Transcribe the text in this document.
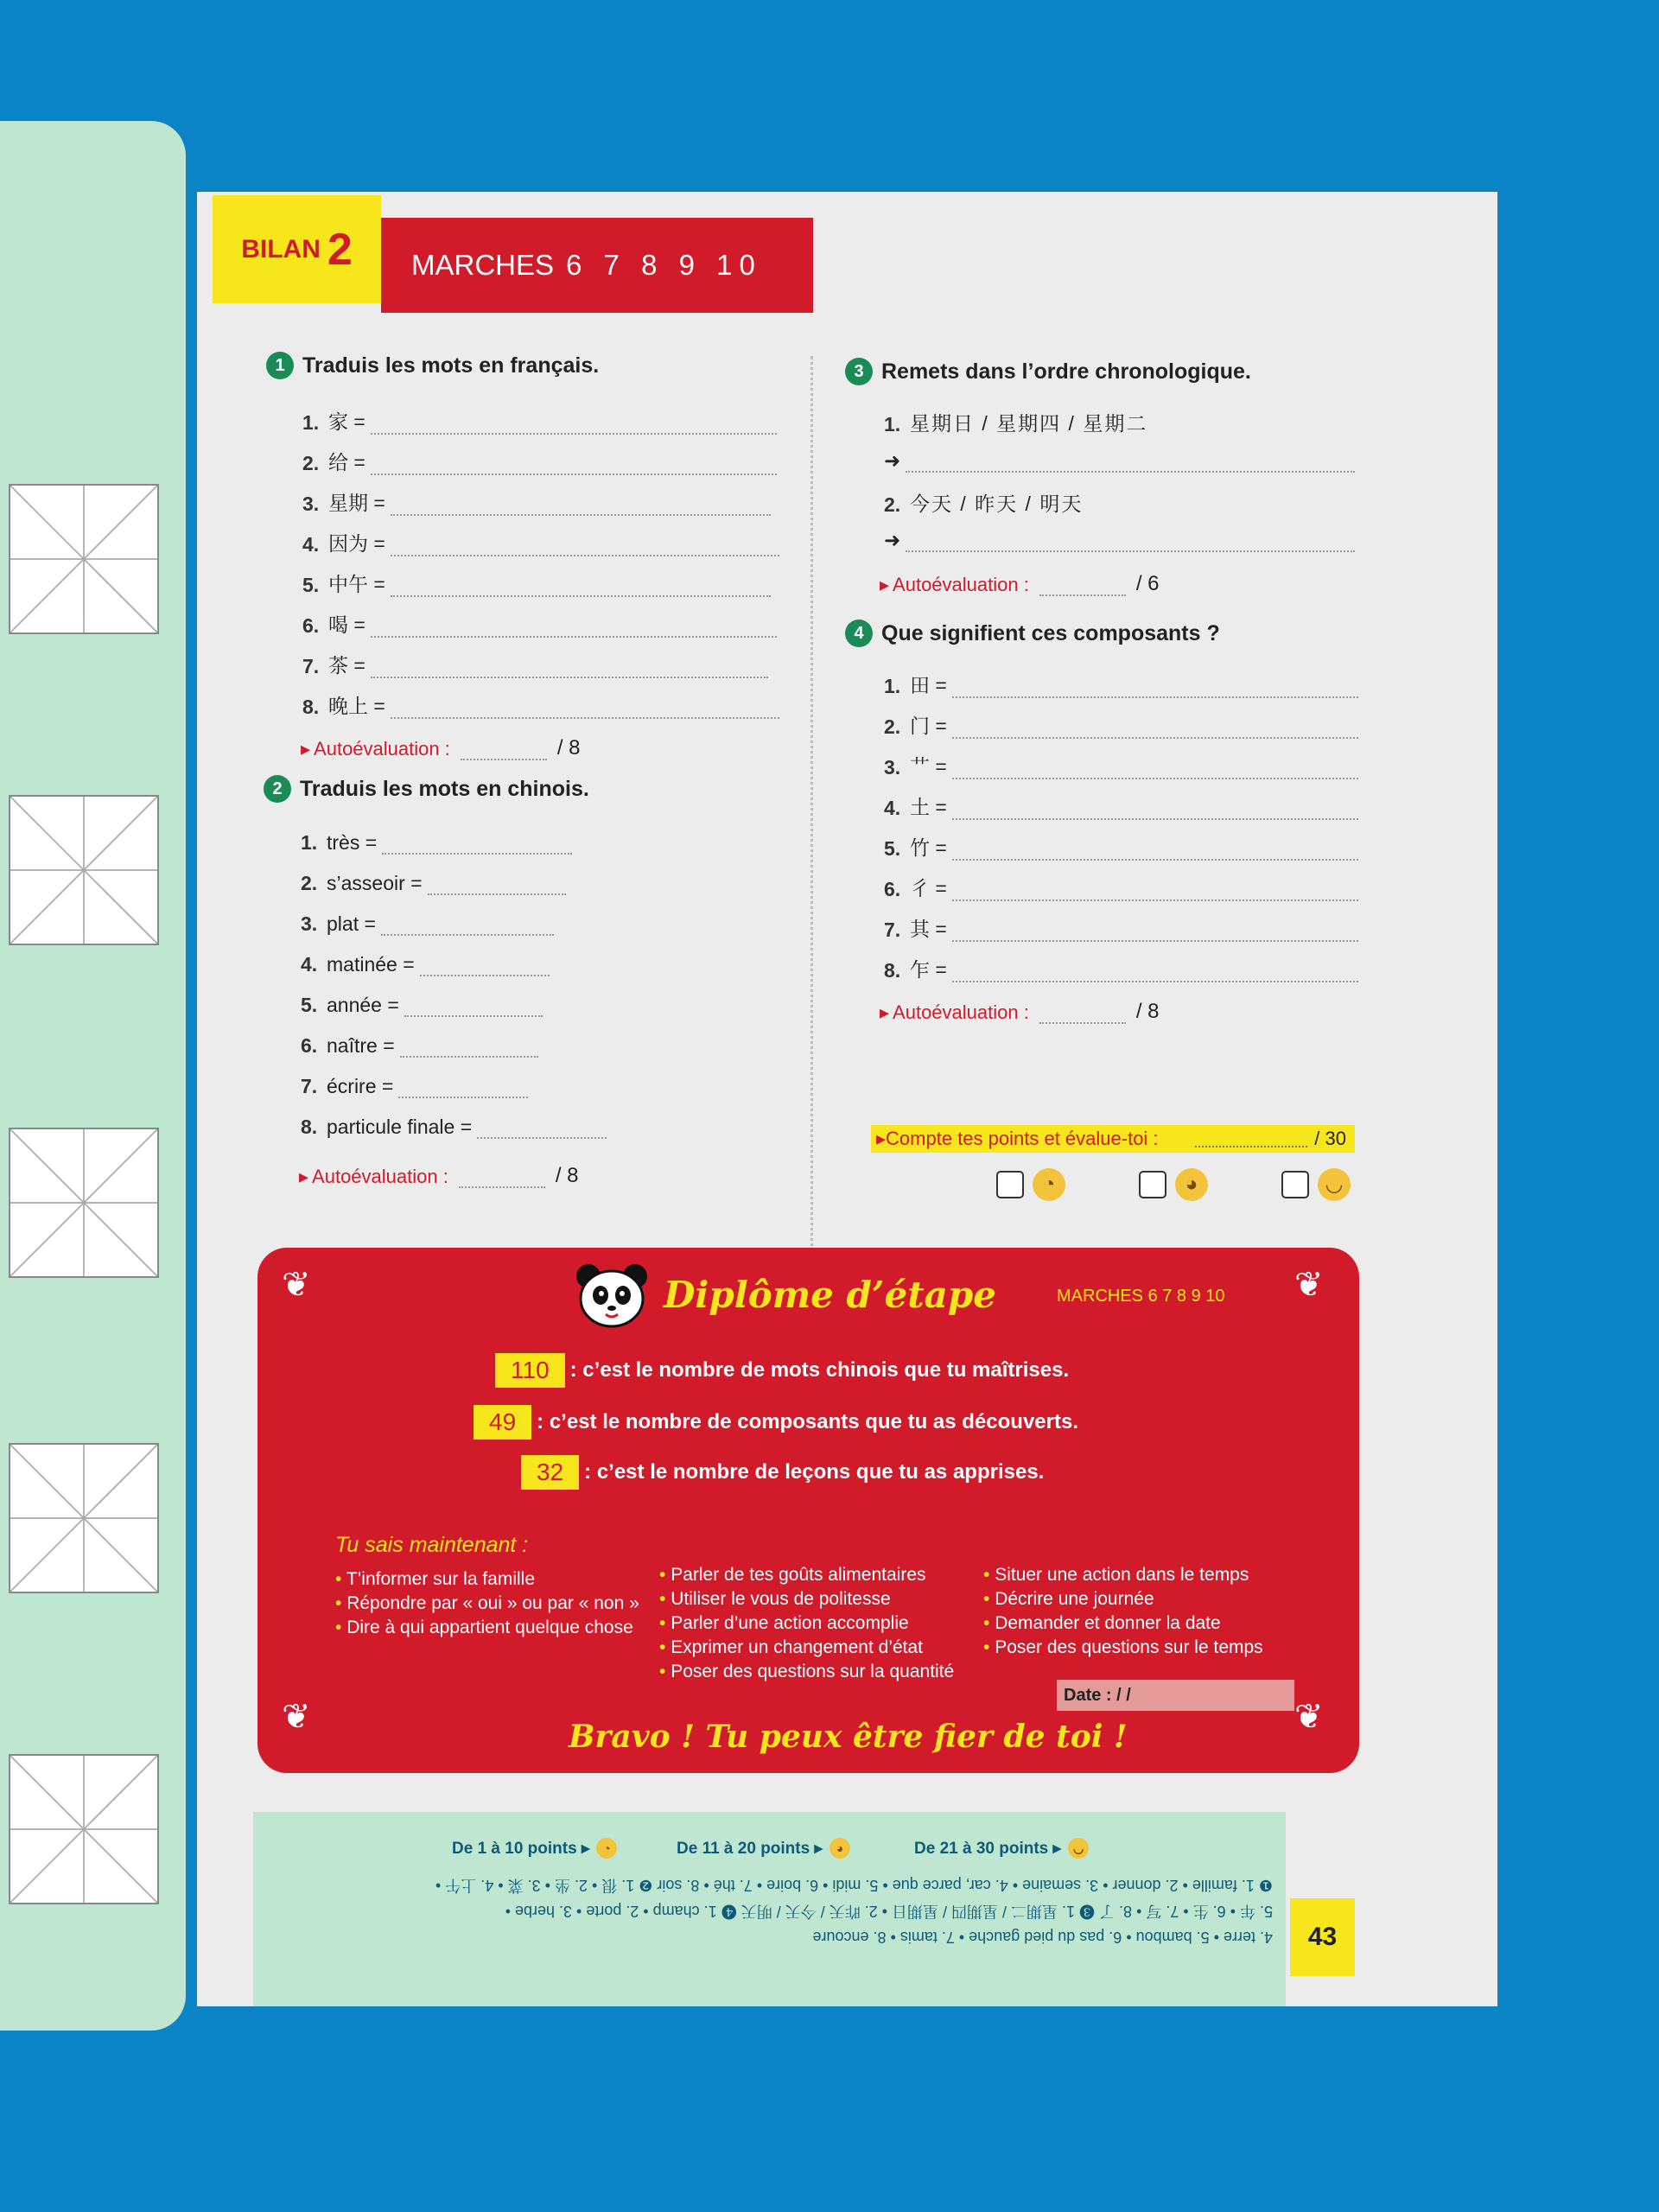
BILAN 2 MARCHES 6 7 8 9 10
1 Traduis les mots en français.
1. 家 =
2. 给 =
3. 星期 =
4. 因为 =
5. 中午 =
6. 喝 =
7. 茶 =
8. 晚上 =
▸ Autoévaluation :	/ 8
2 Traduis les mots en chinois.
1. très =
2. s’asseoir =
3. plat =
4. matinée =
5. année =
6. naître =
7. écrire =
8. particule finale =
▸ Autoévaluation :	/ 8
3 Remets dans l’ordre chronologique.
1. 星期日 / 星期四 / 星期二
➜
2. 今天 / 昨天 / 明天
➜
▸ Autoévaluation :	/ 6
4 Que signifient ces composants ?
1. 田 =
2. 门 =
3. 艹 =
4. 土 =
5. 竹 =
6. 彳 =
7. 其 =
8. 乍 =
▸ Autoévaluation :	/ 8
▸ Compte tes points et évalue-toi :	/ 30
◔	◕	◡
Diplôme d’étape	MARCHES 6 7 8 9 10
❦	❦
❦	❦
110	: c’est le nombre de mots chinois que tu maîtrises.
49	: c’est le nombre de composants que tu as découverts.
32	: c’est le nombre de leçons que tu as apprises.
Tu sais maintenant :
• T’informer sur la famille
• Répondre par « oui » ou par « non »
• Dire à qui appartient quelque chose
• Parler de tes goûts alimentaires
• Utiliser le vous de politesse
• Parler d’une action accomplie
• Exprimer un changement d’état
• Poser des questions sur la quantité
• Situer une action dans le temps
• Décrire une journée
• Demander et donner la date
• Poser des questions sur le temps
Date : / /
Bravo ! Tu peux être fier de toi !
De 1 à 10 points ▸	◔	De 11 à 20 points ▸	◕	De 21 à 30 points ▸ ◡
4. terre • 5. bambou • 6. pas du pied gauche • 7. tamis • 8. encoure
5. 年 • 6. 生 • 7. 写 • 8. 了 ❸ 1. 星期二 / 星期四 / 星期日 • 2. 昨天 / 今天 / 明天 ❹ 1. champ • 2. porte • 3. herbe •
❶ 1. famille • 2. donner • 3. semaine • 4. car, parce que • 5. midi • 6. boire • 7. thé • 8. soir ❷ 1. 很 • 2. 坐 • 3. 菜 • 4. 上午 •
43
